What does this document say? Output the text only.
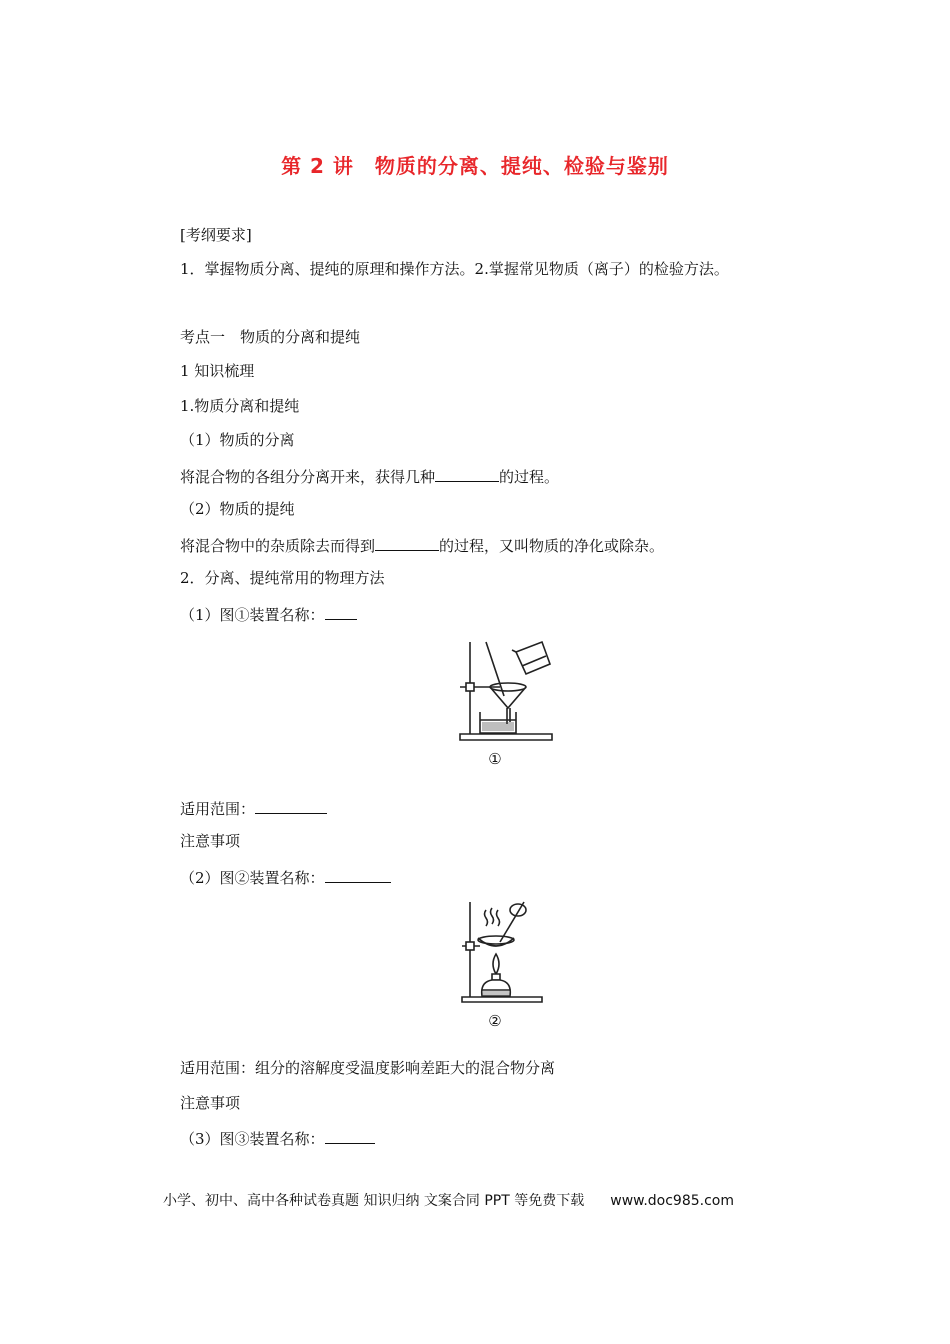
第 2 讲　物质的分离、提纯、检验与鉴别
[考纲要求]
1．掌握物质分离、提纯的原理和操作方法。2.掌握常见物质（离子）的检验方法。
考点一　物质的分离和提纯
1 知识梳理
1.物质分离和提纯
（1）物质的分离
将混合物的各组分分离开来，获得几种	的过程。
（2）物质的提纯
将混合物中的杂质除去而得到	的过程，又叫物质的净化或除杂。
2．分离、提纯常用的物理方法
（1）图①装置名称：
①
适用范围：
注意事项
（2）图②装置名称：
②
适用范围：组分的溶解度受温度影响差距大的混合物分离
注意事项
（3）图③装置名称：
小学、初中、高中各种试卷真题 知识归纳 文案合同 PPT 等免费下载 www.doc985.com
